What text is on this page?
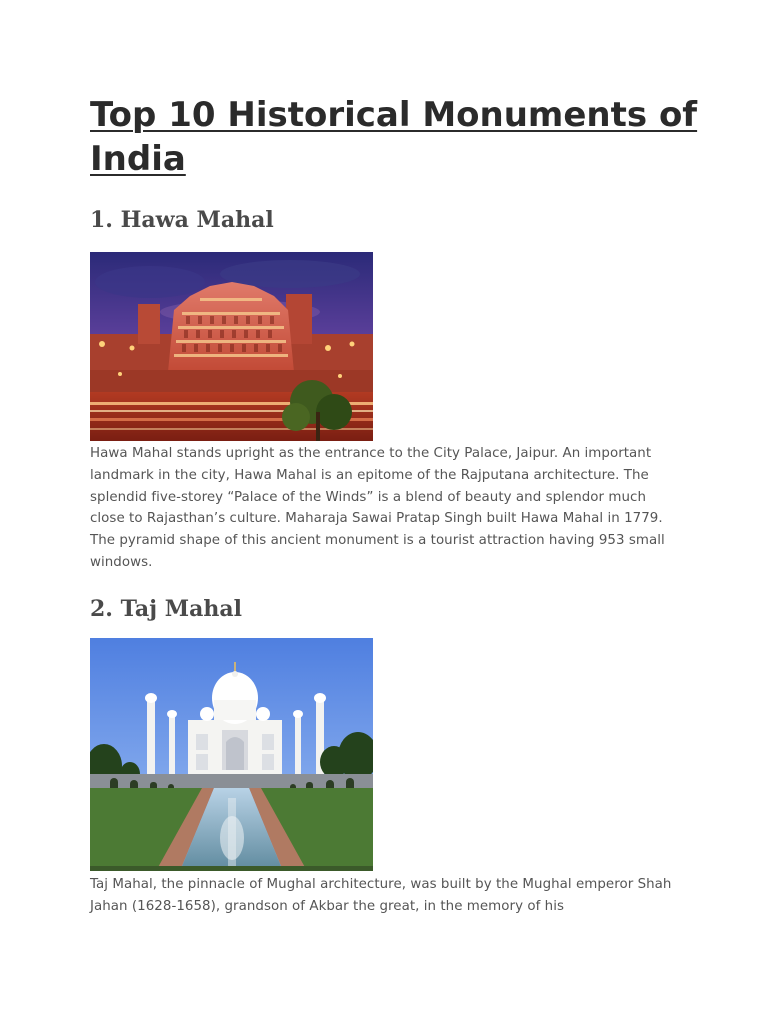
Top 10 Historical Monuments of India
1. Hawa Mahal

Hawa Mahal stands upright as the entrance to the City Palace, Jaipur. An important landmark in the city, Hawa Mahal is an epitome of the Rajputana architecture. The splendid five-storey “Palace of the Winds” is a blend of beauty and splendor much close to Rajasthan’s culture. Maharaja Sawai Pratap Singh built Hawa Mahal in 1779. The pyramid shape of this ancient monument is a tourist attraction having 953 small windows.

2. Taj Mahal

Taj Mahal, the pinnacle of Mughal architecture, was built by the Mughal emperor Shah Jahan (1628-1658), grandson of Akbar the great, in the memory of his
